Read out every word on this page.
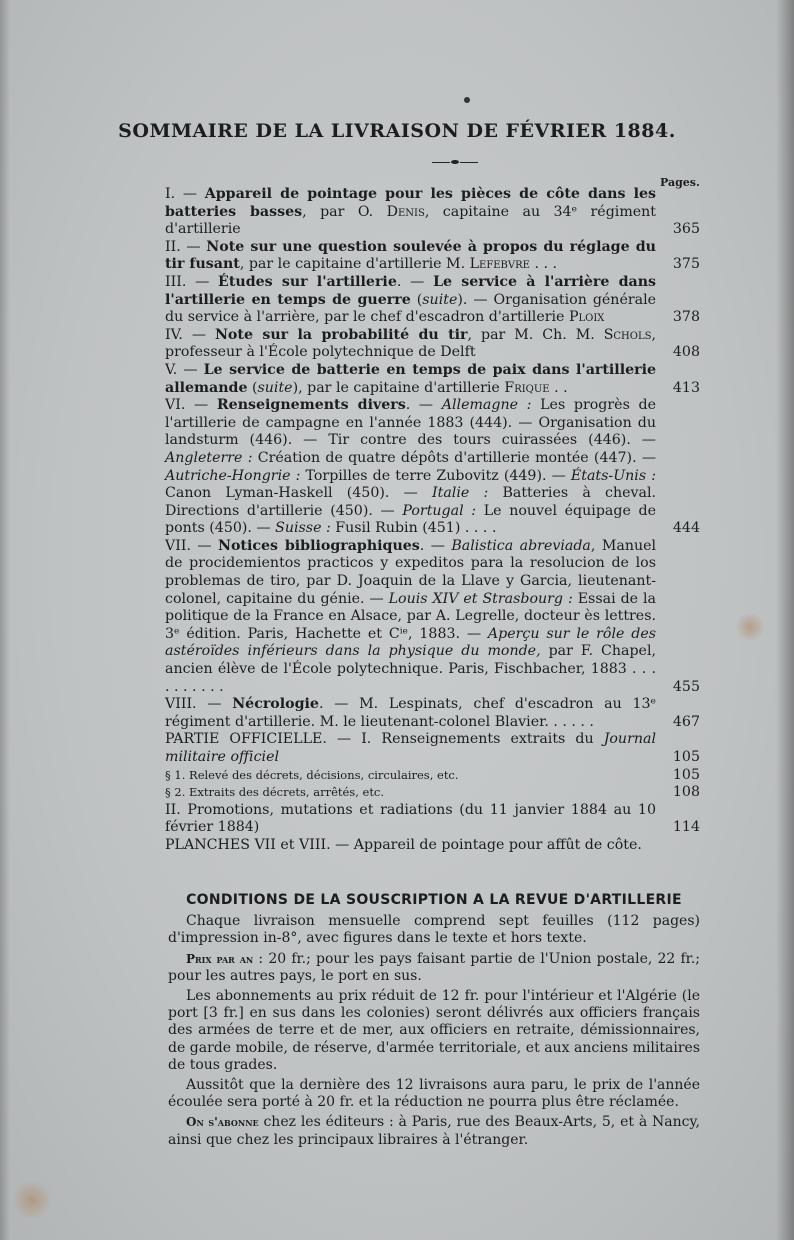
SOMMAIRE DE LA LIVRAISON DE FÉVRIER 1884.
Pages.
I. — Appareil de pointage pour les pièces de côte dans les batteries basses, par O. Denis, capitaine au 34ᵉ régiment d'artillerie	365
II. — Note sur une question soulevée à propos du réglage du tir fusant, par le capitaine d'artillerie M. Lefebvre . . .	375
III. — Études sur l'artillerie. — Le service à l'arrière dans l'artillerie en temps de guerre (suite). — Organisation générale du service à l'arrière, par le chef d'escadron d'artillerie Ploix	378
IV. — Note sur la probabilité du tir, par M. Ch. M. Schols, professeur à l'École polytechnique de Delft	408
V. — Le service de batterie en temps de paix dans l'artillerie allemande (suite), par le capitaine d'artillerie Frique . .	413
VI. — Renseignements divers. — Allemagne : Les progrès de l'artillerie de campagne en l'année 1883 (444). — Organisation du landsturm (446). — Tir contre des tours cuirassées (446). — Angleterre : Création de quatre dépôts d'artillerie montée (447). — Autriche-Hongrie : Torpilles de terre Zubovitz (449). — États-Unis : Canon Lyman-Haskell (450). — Italie : Batteries à cheval. Directions d'artillerie (450). — Portugal : Le nouvel équipage de ponts (450). — Suisse : Fusil Rubin (451) . . . .	444
VII. — Notices bibliographiques. — Balistica abreviada, Manuel de procidemientos practicos y expeditos para la resolucion de los problemas de tiro, par D. Joaquin de la Llave y Garcia, lieutenant-colonel, capitaine du génie. — Louis XIV et Strasbourg : Essai de la politique de la France en Alsace, par A. Legrelle, docteur ès lettres. 3ᵉ édition. Paris, Hachette et Cⁱᵉ, 1883. — Aperçu sur le rôle des astéroïdes inférieurs dans la physique du monde, par F. Chapel, ancien élève de l'École polytechnique. Paris, Fischbacher, 1883 . . . . . . . . . .	455
VIII. — Nécrologie. — M. Lespinats, chef d'escadron au 13ᵉ régiment d'artillerie. M. le lieutenant-colonel Blavier. . . . . .	467
PARTIE OFFICIELLE. — I. Renseignements extraits du Journal militaire officiel	105
§ 1. Relevé des décrets, décisions, circulaires, etc.	105
§ 2. Extraits des décrets, arrêtés, etc.	108
II. Promotions, mutations et radiations (du 11 janvier 1884 au 10 février 1884)	114
PLANCHES VII et VIII. — Appareil de pointage pour affût de côte.
CONDITIONS DE LA SOUSCRIPTION A LA REVUE D'ARTILLERIE

Chaque livraison mensuelle comprend sept feuilles (112 pages) d'impression in-8°, avec figures dans le texte et hors texte.

Prix par an : 20 fr.; pour les pays faisant partie de l'Union postale, 22 fr.; pour les autres pays, le port en sus.

Les abonnements au prix réduit de 12 fr. pour l'intérieur et l'Algérie (le port [3 fr.] en sus dans les colonies) seront délivrés aux officiers français des armées de terre et de mer, aux officiers en retraite, démissionnaires, de garde mobile, de réserve, d'armée territoriale, et aux anciens militaires de tous grades.

Aussitôt que la dernière des 12 livraisons aura paru, le prix de l'année écoulée sera porté à 20 fr. et la réduction ne pourra plus être réclamée.

On s'abonne chez les éditeurs : à Paris, rue des Beaux-Arts, 5, et à Nancy, ainsi que chez les principaux libraires à l'étranger.
